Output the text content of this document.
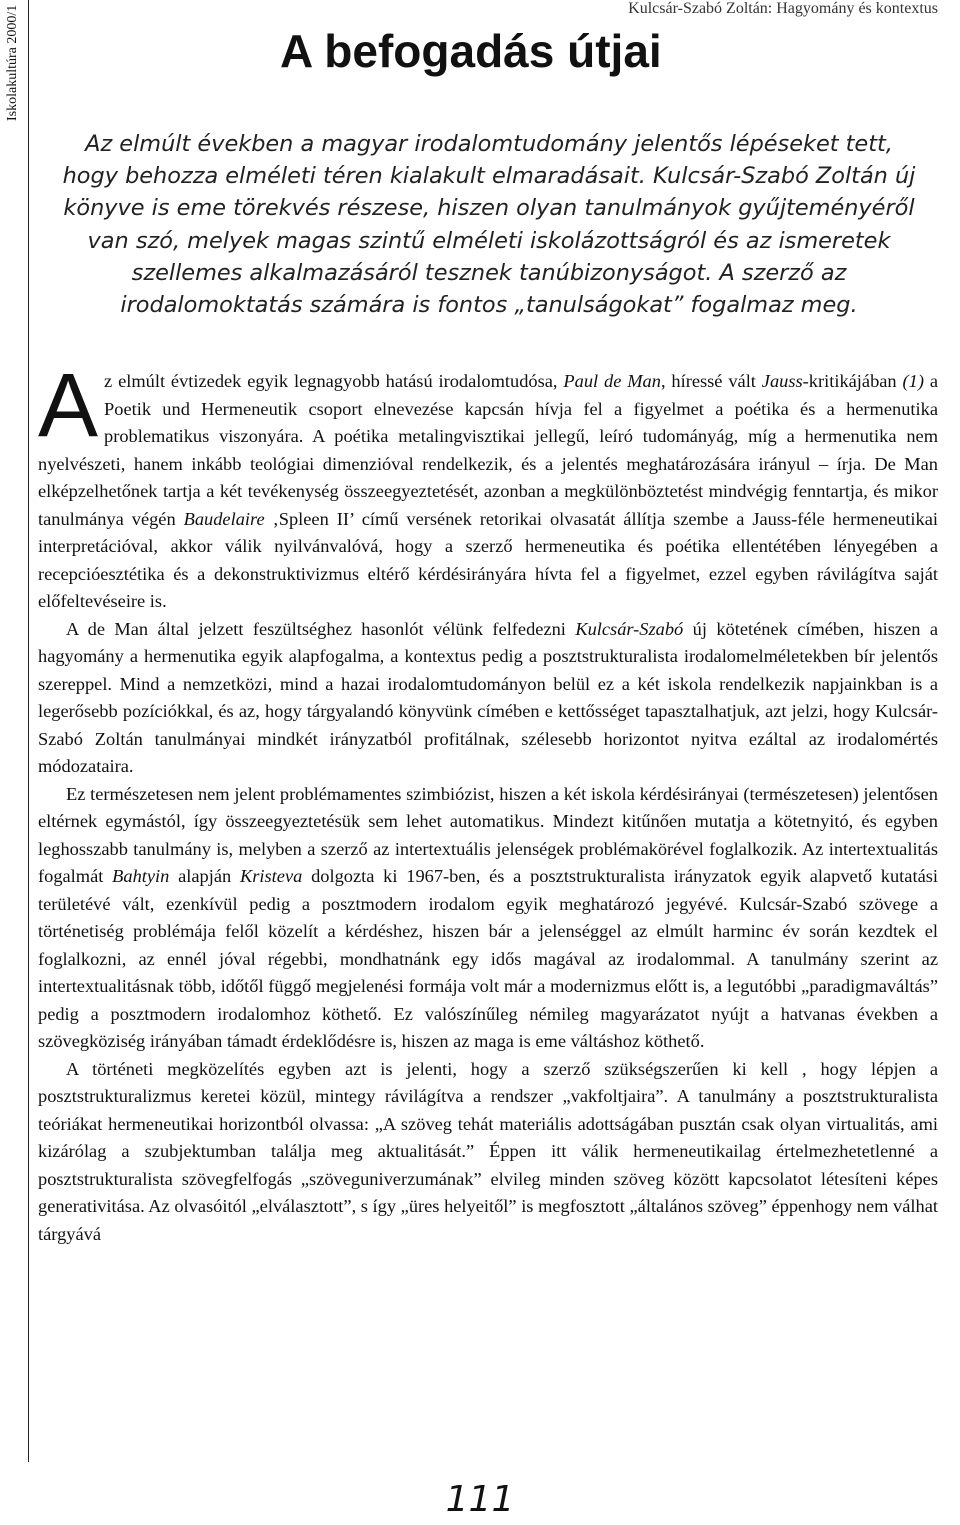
Iskolakultúra 2000/1	Kulcsár-Szabó Zoltán: Hagyomány és kontextus
A befogadás útjai

Az elmúlt években a magyar irodalomtudomány jelentős lépéseket tett, hogy behozza elméleti téren kialakult elmaradásait. Kulcsár-Szabó Zoltán új könyve is eme törekvés részese, hiszen olyan tanulmányok gyűjteményéről van szó, melyek magas szintű elméleti iskolázottságról és az ismeretek szellemes alkalmazásáról tesznek tanúbizonyságot. A szerző az irodalomoktatás számára is fontos „tanulságokat” fogalmaz meg.

Az elmúlt évtizedek egyik legnagyobb hatású irodalomtudósa, Paul de Man, híressé vált Jauss-kritikájában (1) a Poetik und Hermeneutik csoport elnevezése kapcsán hívja fel a figyelmet a poétika és a hermenutika problematikus viszonyára. A poétika metalingvisztikai jellegű, leíró tudományág, míg a hermenutika nem nyelvészeti, hanem inkább teológiai dimenzióval rendelkezik, és a jelentés meghatározására irányul – írja. De Man elképzelhetőnek tartja a két tevékenység összeegyeztetését, azonban a megkülönböztetést mindvégig fenntartja, és mikor tanulmánya végén Baudelaire ‚Spleen II’ című versének retorikai olvasatát állítja szembe a Jauss-féle hermeneutikai interpretációval, akkor válik nyilvánvalóvá, hogy a szerző hermeneutika és poétika ellentétében lényegében a recepcióesztétika és a dekonstruktivizmus eltérő kérdésirányára hívta fel a figyelmet, ezzel egyben rávilágítva saját előfeltevéseire is.

A de Man által jelzett feszültséghez hasonlót vélünk felfedezni Kulcsár-Szabó új kötetének címében, hiszen a hagyomány a hermenutika egyik alapfogalma, a kontextus pedig a posztstrukturalista irodalomelméletekben bír jelentős szereppel. Mind a nemzetközi, mind a hazai irodalomtudományon belül ez a két iskola rendelkezik napjainkban is a legerősebb pozíciókkal, és az, hogy tárgyalandó könyvünk címében e kettősséget tapasztalhatjuk, azt jelzi, hogy Kulcsár-Szabó Zoltán tanulmányai mindkét irányzatból profitálnak, szélesebb horizontot nyitva ezáltal az irodalomértés módozataira.

Ez természetesen nem jelent problémamentes szimbiózist, hiszen a két iskola kérdésirányai (természetesen) jelentősen eltérnek egymástól, így összeegyeztetésük sem lehet automatikus. Mindezt kitűnően mutatja a kötetnyitó, és egyben leghosszabb tanulmány is, melyben a szerző az intertextuális jelenségek problémakörével foglalkozik. Az intertextualitás fogalmát Bahtyin alapján Kristeva dolgozta ki 1967-ben, és a posztstrukturalista irányzatok egyik alapvető kutatási területévé vált, ezenkívül pedig a posztmodern irodalom egyik meghatározó jegyévé. Kulcsár-Szabó szövege a történetiség problémája felől közelít a kérdéshez, hiszen bár a jelenséggel az elmúlt harminc év során kezdtek el foglalkozni, az ennél jóval régebbi, mondhatnánk egy idős magával az irodalommal. A tanulmány szerint az intertextualitásnak több, időtől függő megjelenési formája volt már a modernizmus előtt is, a legutóbbi „paradigmaváltás” pedig a posztmodern irodalomhoz köthető. Ez valószínűleg némileg magyarázatot nyújt a hatvanas években a szövegköziség irányában támadt érdeklődésre is, hiszen az maga is eme váltáshoz köthető.

A történeti megközelítés egyben azt is jelenti, hogy a szerző szükségszerűen ki kell , hogy lépjen a posztstrukturalizmus keretei közül, mintegy rávilágítva a rendszer „vakfoltjaira”. A tanulmány a posztstrukturalista teóriákat hermeneutikai horizontból olvassa: „A szöveg tehát materiális adottságában pusztán csak olyan virtualitás, ami kizárólag a szubjektumban találja meg aktualitását.” Éppen itt válik hermeneutikailag értelmezhetetlenné a posztstrukturalista szövegfelfogás „szöveguniverzumának” elvileg minden szöveg között kapcsolatot létesíteni képes generativitása. Az olvasóitól „elválasztott”, s így „üres helyeitől” is megfosztott „általános szöveg” éppenhogy nem válhat tárgyává

111
